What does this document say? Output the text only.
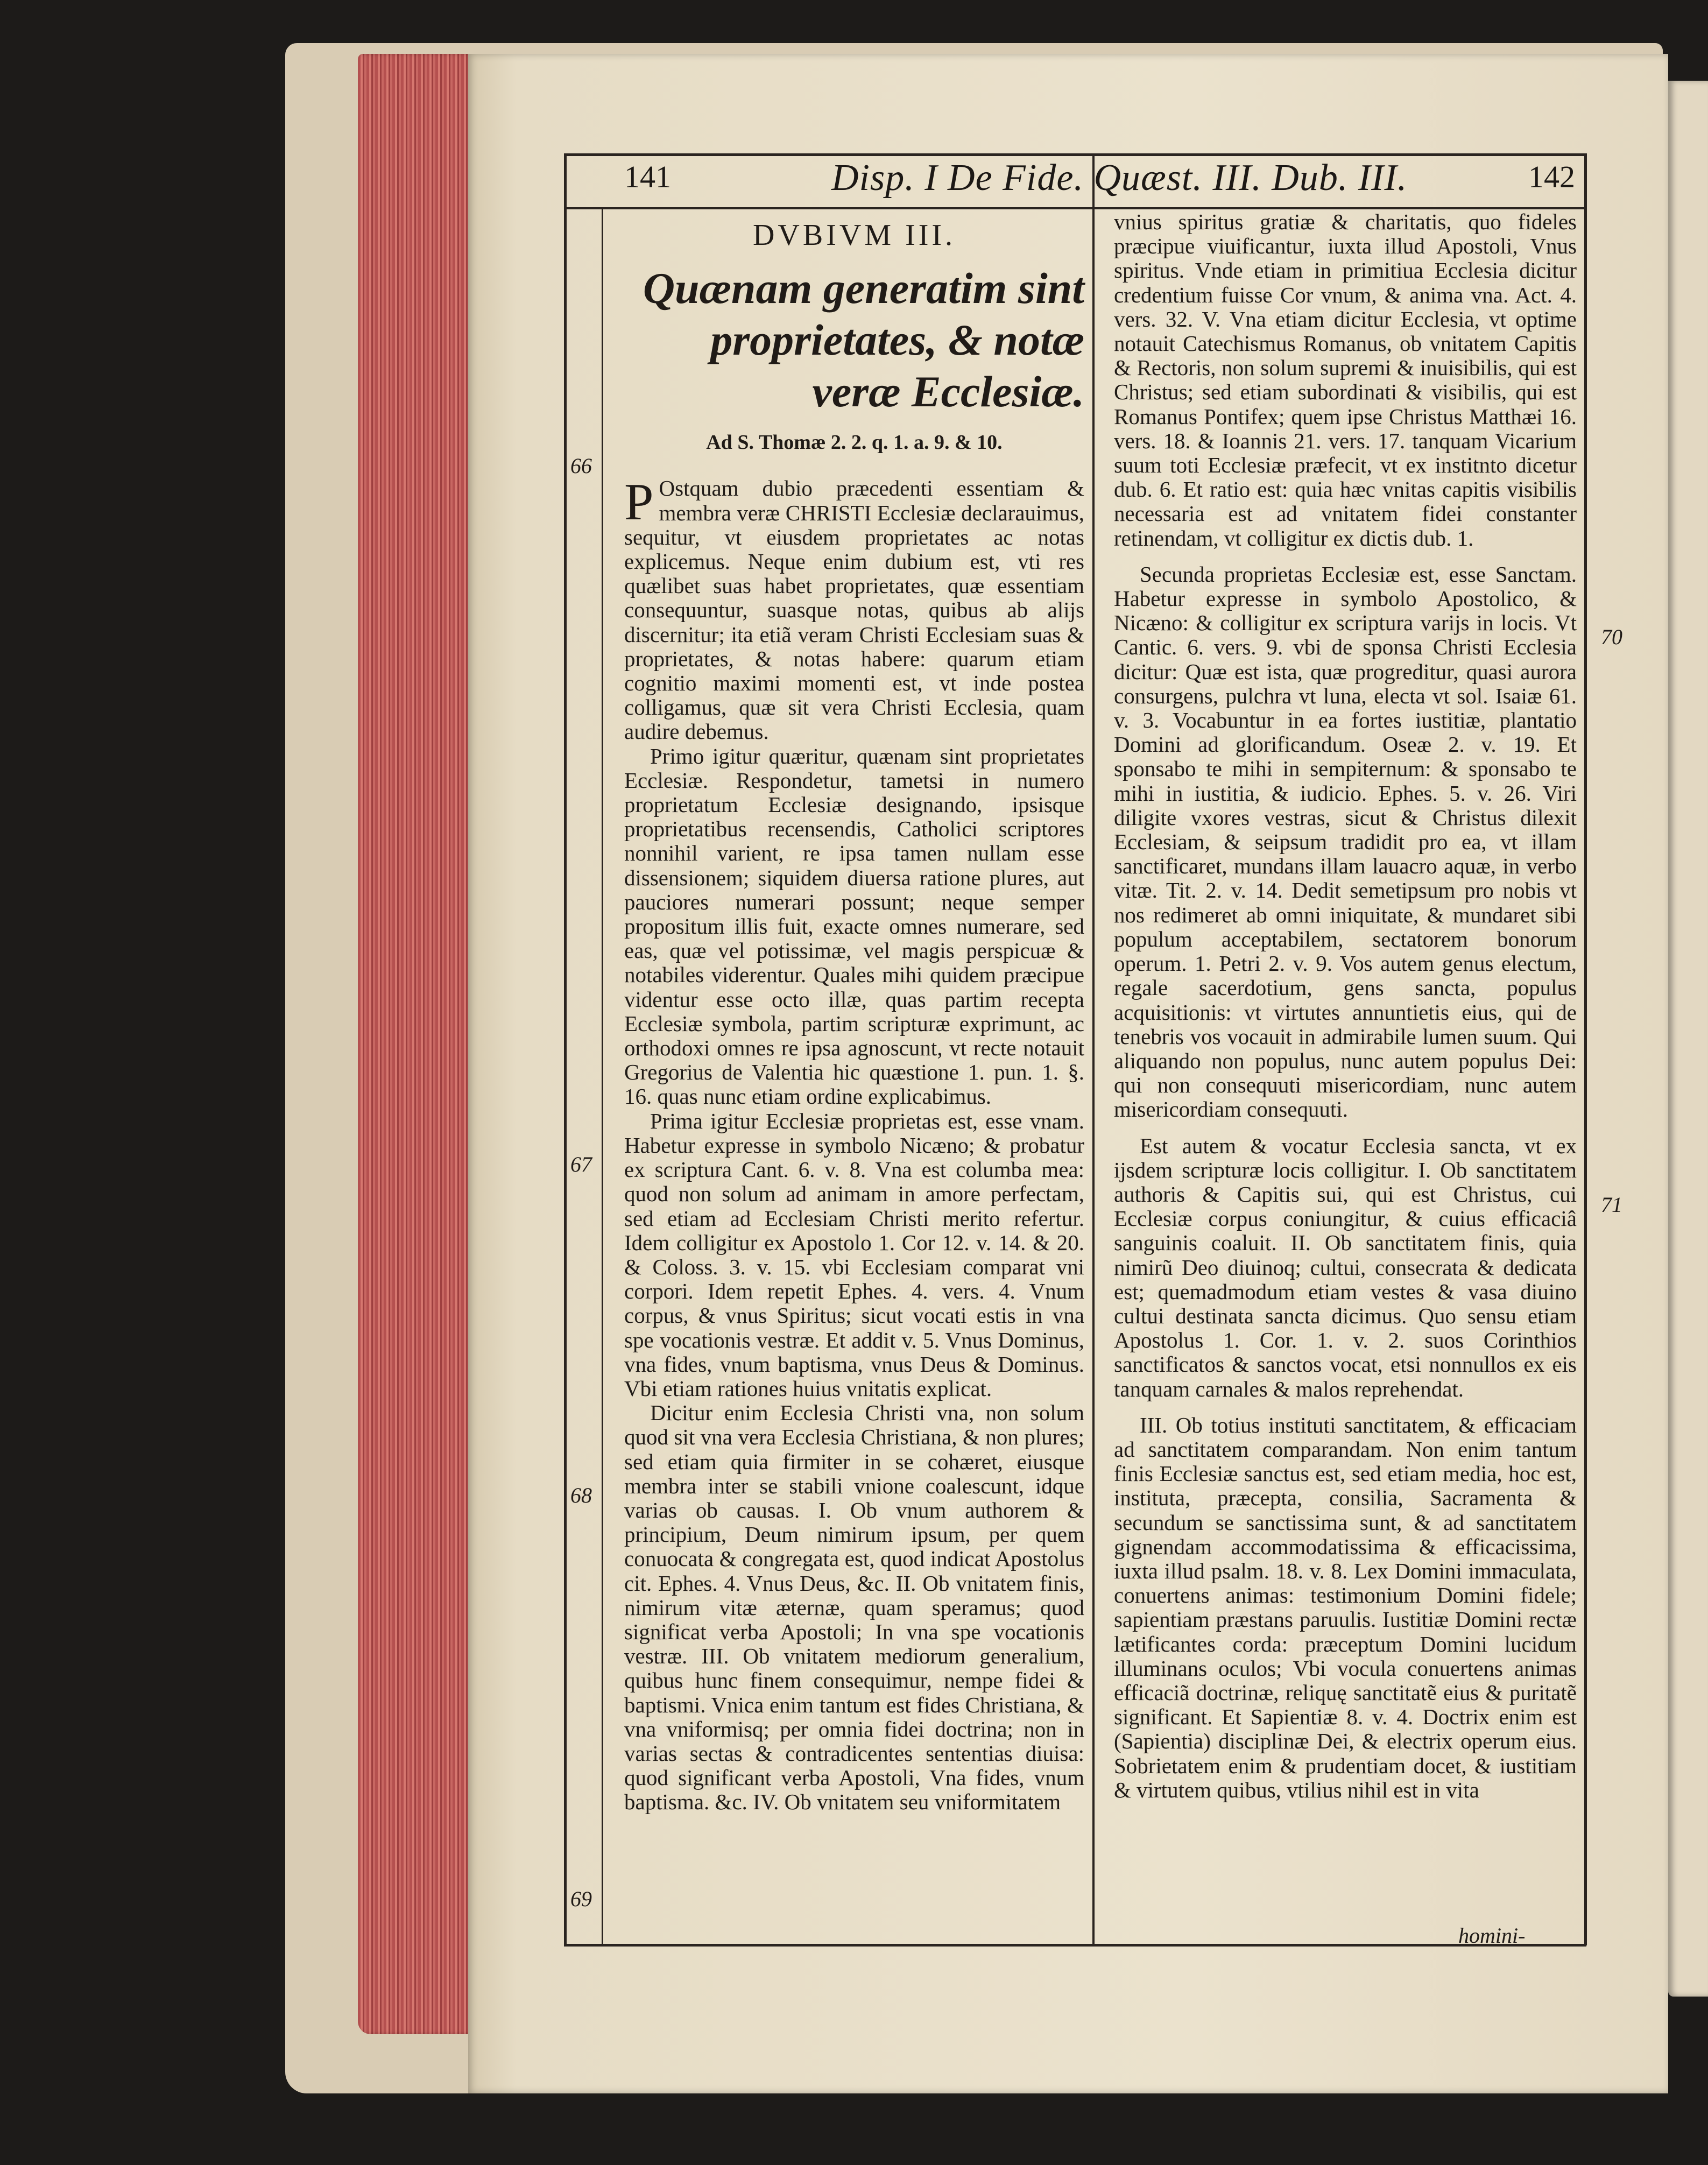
141	Disp. I De Fide. Quæst. III. Dub. III.	142
66
67
68
69
70
71

DVBIVM III.

Quænam generatim sint proprietates, & notæ veræ Ecclesiæ.

Ad S. Thomæ 2. 2. q. 1. a. 9. & 10.

P Ostquam dubio præcedenti essentiam & membra veræ CHRISTI Ecclesiæ declarauimus, sequitur, vt eiusdem proprietates ac notas explicemus. Neque enim dubium est, vti res quælibet suas habet proprietates, quæ essentiam consequuntur, suasque notas, quibus ab alijs discernitur; ita etiã veram Christi Ecclesiam suas & proprietates, & notas habere: quarum etiam cognitio maximi momenti est, vt inde postea colligamus, quæ sit vera Christi Ecclesia, quam audire debemus.

Primo igitur quæritur, quænam sint proprietates Ecclesiæ. Respondetur, tametsi in numero proprietatum Ecclesiæ designando, ipsisque proprietatibus recensendis, Catholici scriptores nonnihil varient, re ipsa tamen nullam esse dissensionem; siquidem diuersa ratione plures, aut pauciores numerari possunt; neque semper propositum illis fuit, exacte omnes numerare, sed eas, quæ vel potissimæ, vel magis perspicuæ & notabiles viderentur. Quales mihi quidem præcipue videntur esse octo illæ, quas partim recepta Ecclesiæ symbola, partim scripturæ exprimunt, ac orthodoxi omnes re ipsa agnoscunt, vt recte notauit Gregorius de Valentia hic quæstione 1. pun. 1. §. 16. quas nunc etiam ordine explicabimus.

Prima igitur Ecclesiæ proprietas est, esse vnam. Habetur expresse in symbolo Nicæno; & probatur ex scriptura Cant. 6. v. 8. Vna est columba mea: quod non solum ad animam in amore perfectam, sed etiam ad Ecclesiam Christi merito refertur. Idem colligitur ex Apostolo 1. Cor 12. v. 14. & 20. & Coloss. 3. v. 15. vbi Ecclesiam comparat vni corpori. Idem repetit Ephes. 4. vers. 4. Vnum corpus, & vnus Spiritus; sicut vocati estis in vna spe vocationis vestræ. Et addit v. 5. Vnus Dominus, vna fides, vnum baptisma, vnus Deus & Dominus. Vbi etiam rationes huius vnitatis explicat.

Dicitur enim Ecclesia Christi vna, non solum quod sit vna vera Ecclesia Christiana, & non plures; sed etiam quia firmiter in se cohæret, eiusque membra inter se stabili vnione coalescunt, idque varias ob causas. I. Ob vnum authorem & principium, Deum nimirum ipsum, per quem conuocata & congregata est, quod indicat Apostolus cit. Ephes. 4. Vnus Deus, &c. II. Ob vnitatem finis, nimirum vitæ æternæ, quam speramus; quod significat verba Apostoli; In vna spe vocationis vestræ. III. Ob vnitatem mediorum generalium, quibus hunc finem consequimur, nempe fidei & baptismi. Vnica enim tantum est fides Christiana, & vna vniformisq; per omnia fidei doctrina; non in varias sectas & contradicentes sententias diuisa: quod significant verba Apostoli, Vna fides, vnum baptisma. &c. IV. Ob vnitatem seu vniformitatem

vnius spiritus gratiæ & charitatis, quo fideles præcipue viuificantur, iuxta illud Apostoli, Vnus spiritus. Vnde etiam in primitiua Ecclesia dicitur credentium fuisse Cor vnum, & anima vna. Act. 4. vers. 32. V. Vna etiam dicitur Ecclesia, vt optime notauit Catechismus Romanus, ob vnitatem Capitis & Rectoris, non solum supremi & inuisibilis, qui est Christus; sed etiam subordinati & visibilis, qui est Romanus Pontifex; quem ipse Christus Matthæi 16. vers. 18. & Ioannis 21. vers. 17. tanquam Vicarium suum toti Ecclesiæ præfecit, vt ex institnto dicetur dub. 6. Et ratio est: quia hæc vnitas capitis visibilis necessaria est ad vnitatem fidei constanter retinendam, vt colligitur ex dictis dub. 1.

Secunda proprietas Ecclesiæ est, esse Sanctam. Habetur expresse in symbolo Apostolico, & Nicæno: & colligitur ex scriptura varijs in locis. Vt Cantic. 6. vers. 9. vbi de sponsa Christi Ecclesia dicitur: Quæ est ista, quæ progreditur, quasi aurora consurgens, pulchra vt luna, electa vt sol. Isaiæ 61. v. 3. Vocabuntur in ea fortes iustitiæ, plantatio Domini ad glorificandum. Oseæ 2. v. 19. Et sponsabo te mihi in sempiternum: & sponsabo te mihi in iustitia, & iudicio. Ephes. 5. v. 26. Viri diligite vxores vestras, sicut & Christus dilexit Ecclesiam, & seipsum tradidit pro ea, vt illam sanctificaret, mundans illam lauacro aquæ, in verbo vitæ. Tit. 2. v. 14. Dedit semetipsum pro nobis vt nos redimeret ab omni iniquitate, & mundaret sibi populum acceptabilem, sectatorem bonorum operum. 1. Petri 2. v. 9. Vos autem genus electum, regale sacerdotium, gens sancta, populus acquisitionis: vt virtutes annuntietis eius, qui de tenebris vos vocauit in admirabile lumen suum. Qui aliquando non populus, nunc autem populus Dei: qui non consequuti misericordiam, nunc autem misericordiam consequuti.

Est autem & vocatur Ecclesia sancta, vt ex ijsdem scripturæ locis colligitur. I. Ob sanctitatem authoris & Capitis sui, qui est Christus, cui Ecclesiæ corpus coniungitur, & cuius efficaciâ sanguinis coaluit. II. Ob sanctitatem finis, quia nimirũ Deo diuinoq; cultui, consecrata & dedicata est; quemadmodum etiam vestes & vasa diuino cultui destinata sancta dicimus. Quo sensu etiam Apostolus 1. Cor. 1. v. 2. suos Corinthios sanctificatos & sanctos vocat, etsi nonnullos ex eis tanquam carnales & malos reprehendat.

III. Ob totius instituti sanctitatem, & efficaciam ad sanctitatem comparandam. Non enim tantum finis Ecclesiæ sanctus est, sed etiam media, hoc est, instituta, præcepta, consilia, Sacramenta & secundum se sanctissima sunt, & ad sanctitatem gignendam accommodatissima & efficacissima, iuxta illud psalm. 18. v. 8. Lex Domini immaculata, conuertens animas: testimonium Domini fidele; sapientiam præstans paruulis. Iustitiæ Domini rectæ lætificantes corda: præceptum Domini lucidum illuminans oculos; Vbi vocula conuertens animas efficaciã doctrinæ, reliquę sanctitatẽ eius & puritatẽ significant. Et Sapientiæ 8. v. 4. Doctrix enim est (Sapientia) disciplinæ Dei, & electrix operum eius. Sobrietatem enim & prudentiam docet, & iustitiam & virtutem quibus, vtilius nihil est in vita

homini-
